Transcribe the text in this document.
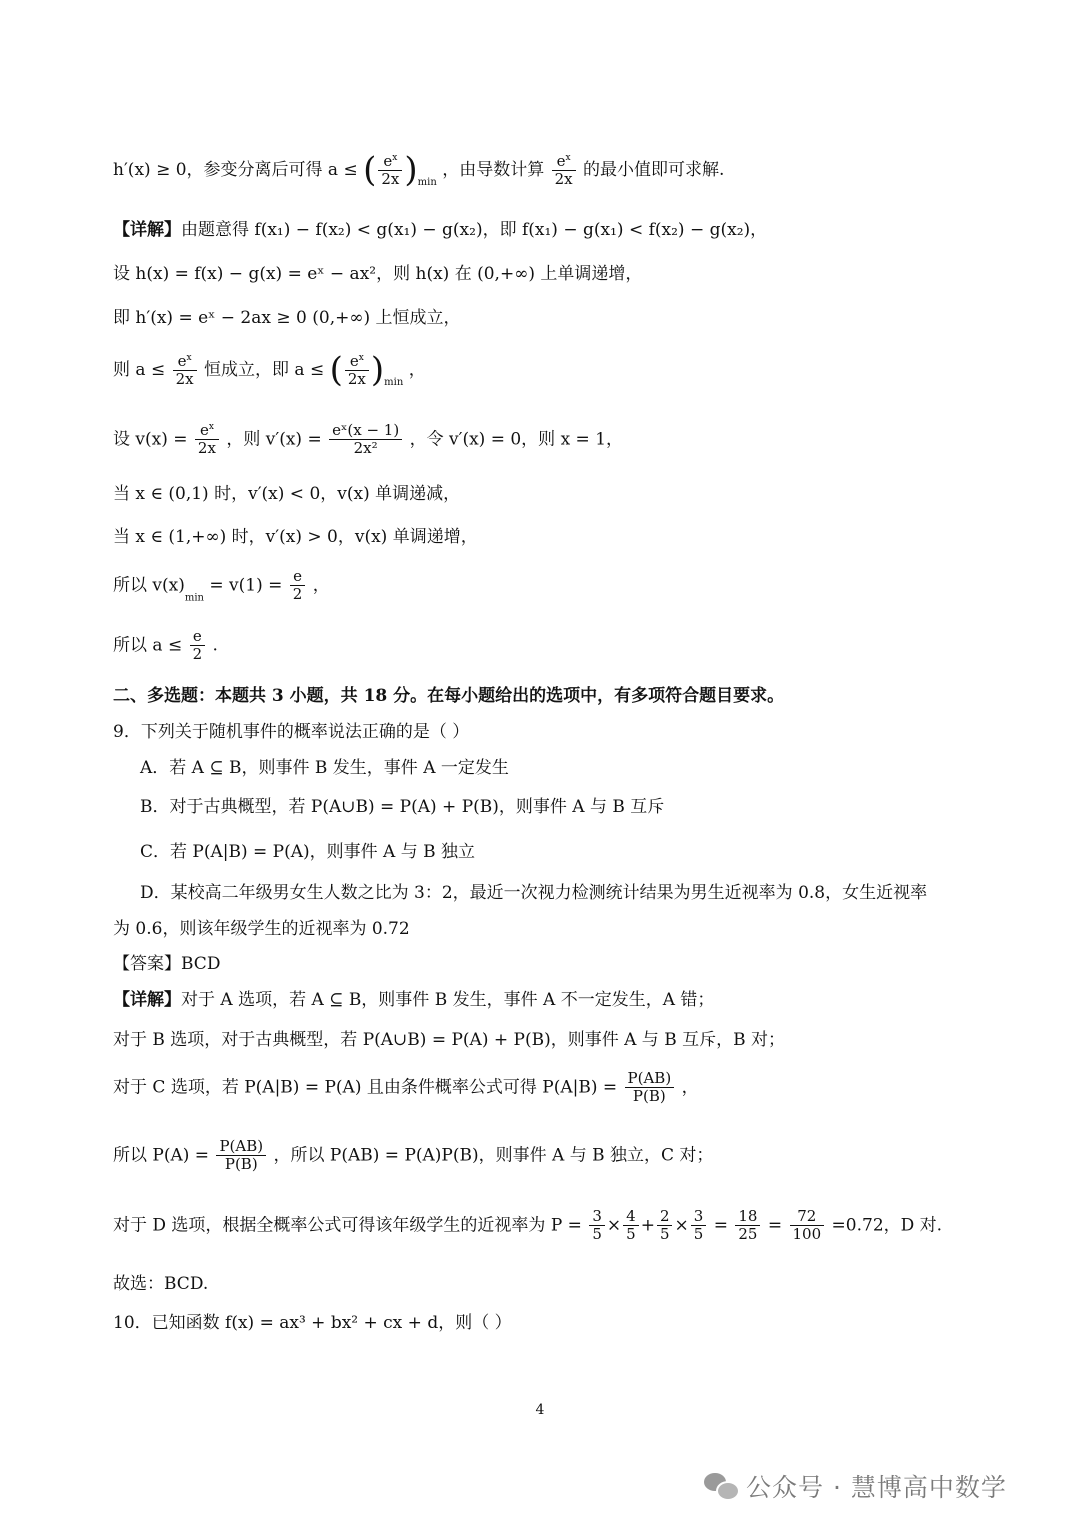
h′(x) ≥ 0，参变分离后可得 a ≤ ( $\frac{e^x}{2x} )_{min}$ ，由导数计算 $\frac{e^x}{2x}$ 的最小值即可求解.
【详解】由题意得 f(x₁) − f(x₂) < g(x₁) − g(x₂)，即 f(x₁) − g(x₁) < f(x₂) − g(x₂)，
设 h(x) = f(x) − g(x) = eˣ − ax²，则 h(x) 在 (0,+∞) 上单调递增，
即 h′(x) = eˣ − 2ax ≥ 0 (0,+∞) 上恒成立，
则 $a \le \frac{e^x}{2x}$ 恒成立，即 a ≤ ( $\frac{e^x}{2x} )_{min}$ ，
设 $v(x) = \frac{e^x}{2x}$ ，则 $v'(x) = \frac{\text{eˣ(x − 1)}}{\text{2x²}}$ ，令 v′(x) = 0，则 x = 1，
当 x ∈ (0,1) 时，v′(x) < 0，v(x) 单调递减，
当 x ∈ (1,+∞) 时，v′(x) > 0，v(x) 单调递增，
所以 $v(x)_{min} = v(1) = \frac{e}{2}$ ，
所以 $a \le \frac{e}{2}$ .
二、多选题：本题共 3 小题，共 18 分。在每小题给出的选项中，有多项符合题目要求。
9．下列关于随机事件的概率说法正确的是（ ）
A．若 A ⊆ B，则事件 B 发生，事件 A 一定发生
B．对于古典概型，若 P(A∪B) = P(A) + P(B)，则事件 A 与 B 互斥
C．若 P(A|B) = P(A)，则事件 A 与 B 独立
D．某校高二年级男女生人数之比为 3：2，最近一次视力检测统计结果为男生近视率为 0.8，女生近视率
为 0.6，则该年级学生的近视率为 0.72
【答案】BCD
【详解】对于 A 选项，若 A ⊆ B，则事件 B 发生，事件 A 不一定发生，A 错；
对于 B 选项，对于古典概型，若 P(A∪B) = P(A) + P(B)，则事件 A 与 B 互斥，B 对；
对于 C 选项，若 P(A|B) = P(A) 且由条件概率公式可得 $P(A|B) = \frac{P(AB)}{P(B)}$ ，
所以 $P(A) = \frac{P(AB)}{P(B)}$ ，所以 P(AB) = P(A)P(B)，则事件 A 与 B 独立，C 对；
对于 D 选项，根据全概率公式可得该年级学生的近视率为 $P = \frac{3}{5} \times \frac{4}{5} + \frac{2}{5} \times \frac{3}{5} = \frac{18}{25} = \frac{72}{100} =0.72$，D 对.
故选：BCD.
10．已知函数 f(x) = ax³ + bx² + cx + d，则（ ）
4
公众号 · 慧博高中数学
